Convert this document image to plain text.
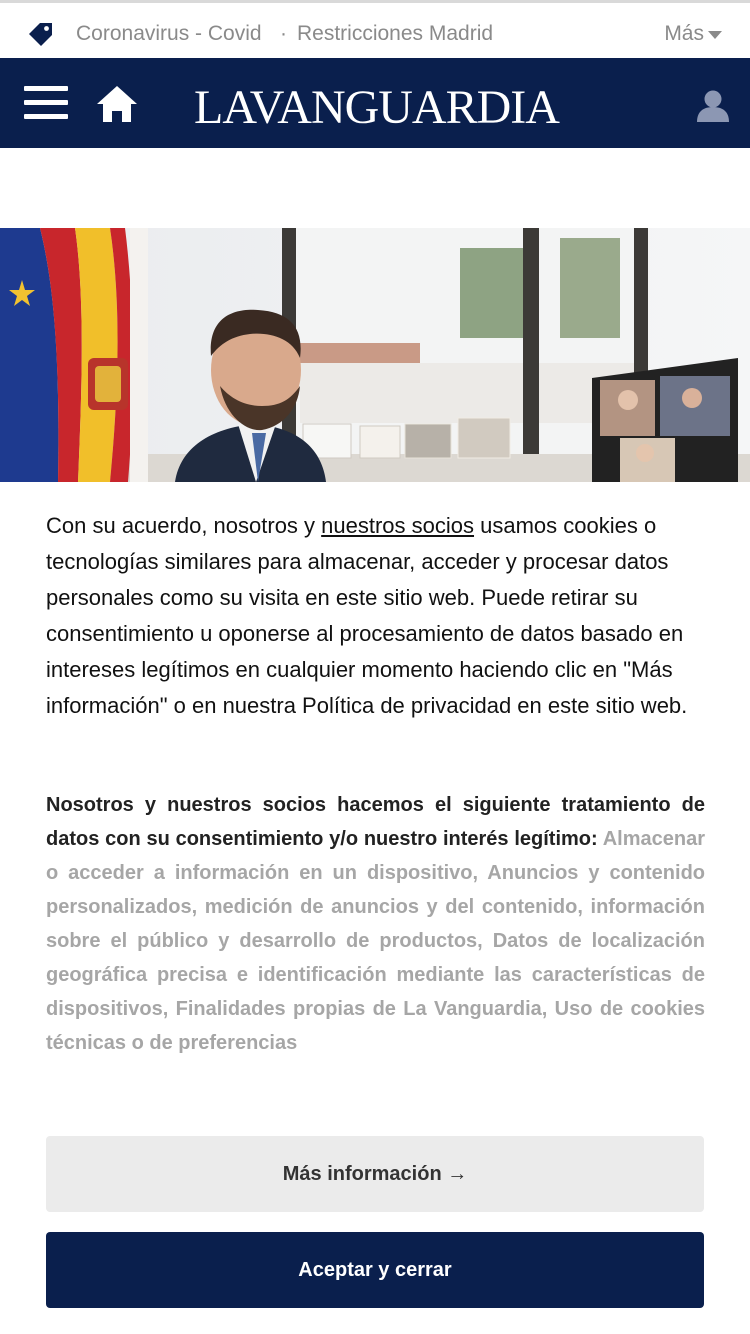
Coronavirus - Covid · Restricciones Madrid	Más
LAVANGUARDIA

Con su acuerdo, nosotros y nuestros socios usamos cookies o tecnologías similares para almacenar, acceder y procesar datos personales como su visita en este sitio web. Puede retirar su consentimiento u oponerse al procesamiento de datos basado en intereses legítimos en cualquier momento haciendo clic en "Más información" o en nuestra Política de privacidad en este sitio web.

Nosotros y nuestros socios hacemos el siguiente tratamiento de datos con su consentimiento y/o nuestro interés legítimo: Almacenar o acceder a información en un dispositivo, Anuncios y contenido personalizados, medición de anuncios y del contenido, información sobre el público y desarrollo de productos, Datos de localización geográfica precisa e identificación mediante las características de dispositivos, Finalidades propias de La Vanguardia, Uso de cookies técnicas o de preferencias

Más información →
Aceptar y cerrar
